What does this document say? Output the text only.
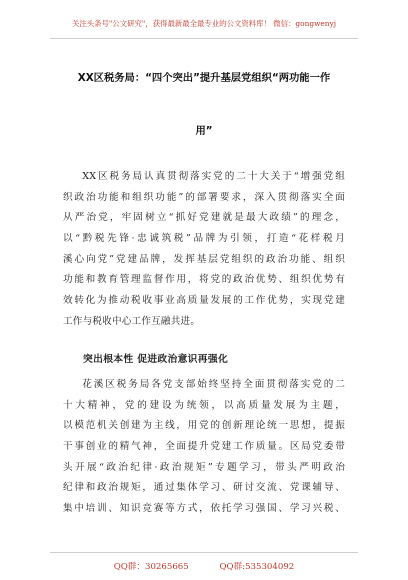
关注头条号"公文研究"，获得最新最全最专业的公文资料库！ 微信：gongwenyj
XX区税务局：“四个突出”提升基层党组织“两功能一作
用”
XX区税务局认真贯彻落实党的二十大关于“增强党组
织政治功能和组织功能”的部署要求，深入贯彻落实全面
从严治党，牢固树立“抓好党建就是最大政绩”的理念，
以“黔税先锋·忠诚筑税”品牌为引领，打造“花样税月
溪心向党”党建品牌，发挥基层党组织的政治功能、组织
功能和教育管理监督作用，将党的政治优势、组织优势有
效转化为推动税收事业高质量发展的工作优势，实现党建
工作与税收中心工作互融共进。
突出根本性 促进政治意识再强化
花溪区税务局各党支部始终坚持全面贯彻落实党的二
十大精神，党的建设为统领，以高质量发展为主题，
以模范机关创建为主线，用党的创新理论统一思想，提振
干事创业的精气神，全面提升党建工作质量。区局党委带
头开展“政治纪律·政治规矩”专题学习，带头严明政治
纪律和政治规矩，通过集体学习、研讨交流、党课辅导、
集中培训、知识竞赛等方式，依托学习强国、学习兴税、
QQ群：30265665	QQ群:535304092
